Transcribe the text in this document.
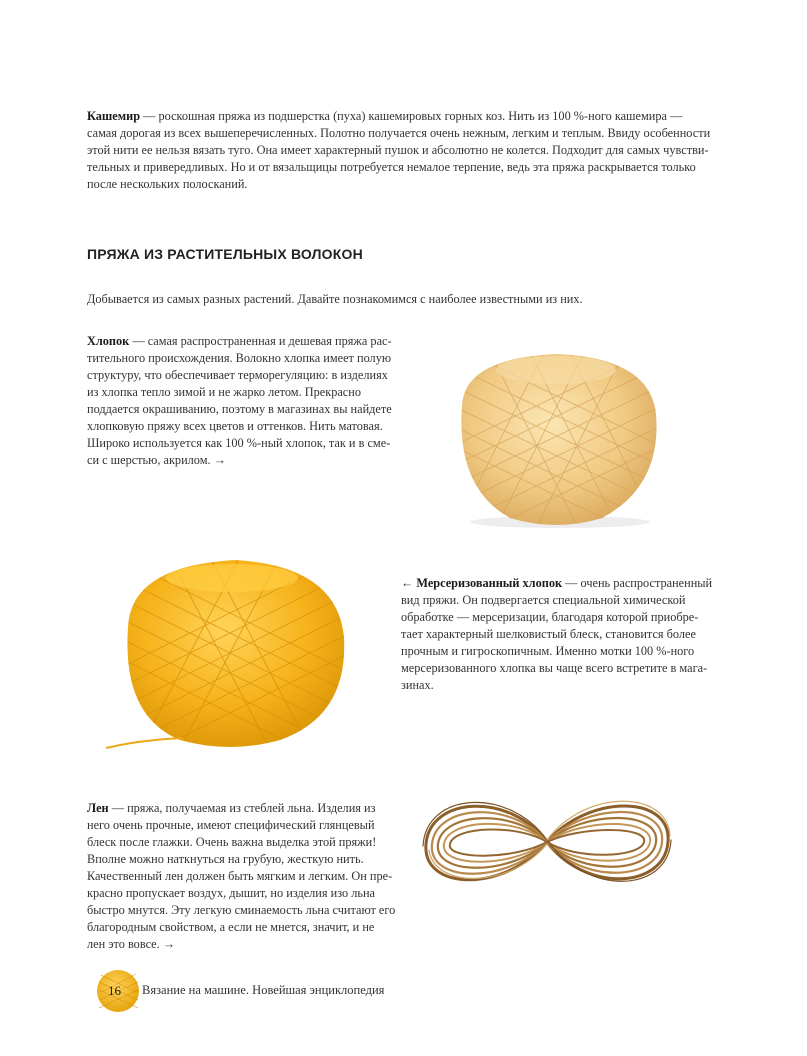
Кашемир — роскошная пряжа из подшерстка (пуха) кашемировых горных коз. Нить из 100 %-ного кашемира —
самая дорогая из всех вышеперечисленных. Полотно получается очень нежным, легким и теплым. Ввиду особенности
этой нити ее нельзя вязать туго. Она имеет характерный пушок и абсолютно не колется. Подходит для самых чувстви-
тельных и привередливых. Но и от вязальщицы потребуется немалое терпение, ведь эта пряжа раскрывается только
после нескольких полосканий.

ПРЯЖА ИЗ РАСТИТЕЛЬНЫХ ВОЛОКОН

Добывается из самых разных растений. Давайте познакомимся с наиболее известными из них.

Хлопок — самая распространенная и дешевая пряжа рас-
тительного происхождения. Волокно хлопка имеет полую
структуру, что обеспечивает терморегуляцию: в изделиях
из хлопка тепло зимой и не жарко летом. Прекрасно
поддается окрашиванию, поэтому в магазинах вы найдете
хлопковую пряжу всех цветов и оттенков. Нить матовая.
Широко используется как 100 %-ный хлопок, так и в сме-
си с шерстью, акрилом. →

← Мерсеризованный хлопок — очень распространенный
вид пряжи. Он подвергается специальной химической
обработке — мерсеризации, благодаря которой приобре-
тает характерный шелковистый блеск, становится более
прочным и гигроскопичным. Именно мотки 100 %-ного
мерсеризованного хлопка вы чаще всего встретите в магa-
зинах.

Лен — пряжа, получаемая из стеблей льна. Изделия из
него очень прочные, имеют специфический глянцевый
блеск после глажки. Очень важна выделка этой пряжи!
Вполне можно наткнуться на грубую, жесткую нить.
Качественный лен должен быть мягким и легким. Он пре-
красно пропускает воздух, дышит, но изделия изо льна
быстро мнутся. Эту легкую сминаемость льна считают его
благородным свойством, а если не мнется, значит, и не
лен это вовсе. →

16 Вязание на машине. Новейшая энциклопедия
